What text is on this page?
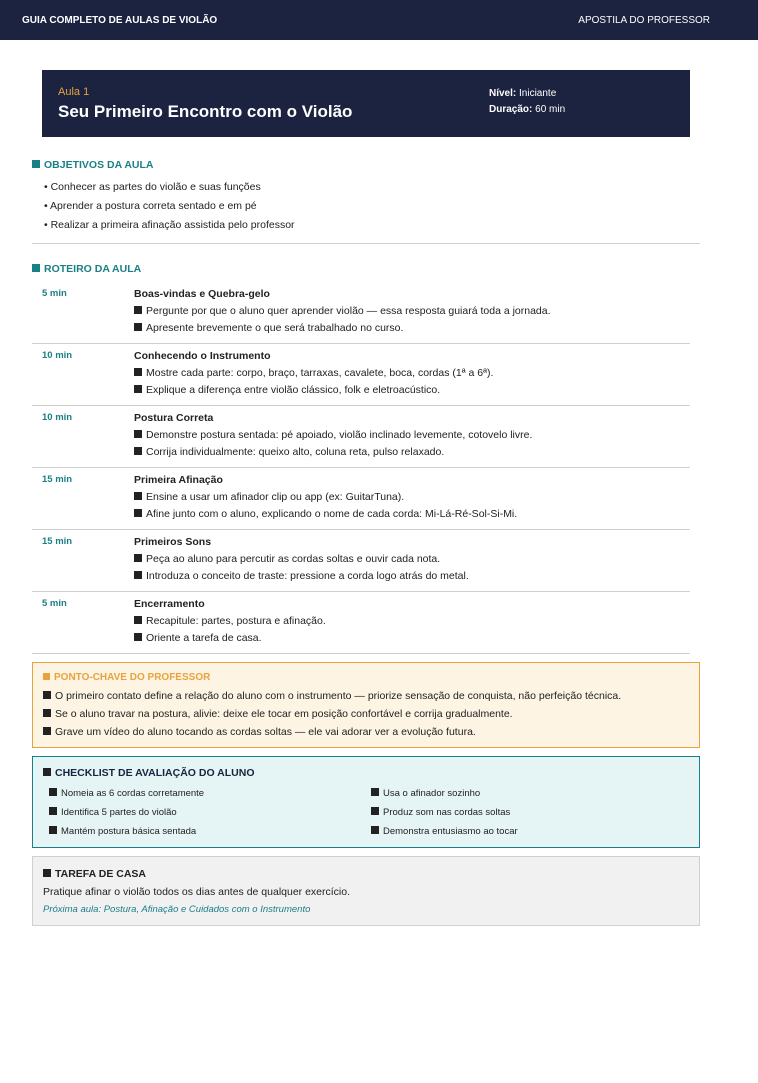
GUIA COMPLETO DE AULAS DE VIOLÃO	APOSTILA DO PROFESSOR
Aula 1
Seu Primeiro Encontro com o Violão
Nível: Iniciante
Duração: 60 min
OBJETIVOS DA AULA
• Conhecer as partes do violão e suas funções
• Aprender a postura correta sentado e em pé
• Realizar a primeira afinação assistida pelo professor
ROTEIRO DA AULA
5 min	Boas-vindas e Quebra-gelo
Pergunte por que o aluno quer aprender violão — essa resposta guiará toda a jornada.
Apresente brevemente o que será trabalhado no curso.
10 min	Conhecendo o Instrumento
Mostre cada parte: corpo, braço, tarraxas, cavalete, boca, cordas (1ª a 6ª).
Explique a diferença entre violão clássico, folk e eletroacústico.
10 min	Postura Correta
Demonstre postura sentada: pé apoiado, violão inclinado levemente, cotovelo livre.
Corrija individualmente: queixo alto, coluna reta, pulso relaxado.
15 min	Primeira Afinação
Ensine a usar um afinador clip ou app (ex: GuitarTuna).
Afine junto com o aluno, explicando o nome de cada corda: Mi-Lá-Ré-Sol-Si-Mi.
15 min	Primeiros Sons
Peça ao aluno para percutir as cordas soltas e ouvir cada nota.
Introduza o conceito de traste: pressione a corda logo atrás do metal.
5 min	Encerramento
Recapitule: partes, postura e afinação.
Oriente a tarefa de casa.
PONTO-CHAVE DO PROFESSOR
O primeiro contato define a relação do aluno com o instrumento — priorize sensação de conquista, não perfeição técnica.
Se o aluno travar na postura, alivie: deixe ele tocar em posição confortável e corrija gradualmente.
Grave um vídeo do aluno tocando as cordas soltas — ele vai adorar ver a evolução futura.
CHECKLIST DE AVALIAÇÃO DO ALUNO
Nomeia as 6 cordas corretamente
Identifica 5 partes do violão
Mantém postura básica sentada
Usa o afinador sozinho
Produz som nas cordas soltas
Demonstra entusiasmo ao tocar
TAREFA DE CASA
Pratique afinar o violão todos os dias antes de qualquer exercício.
Próxima aula: Postura, Afinação e Cuidados com o Instrumento
